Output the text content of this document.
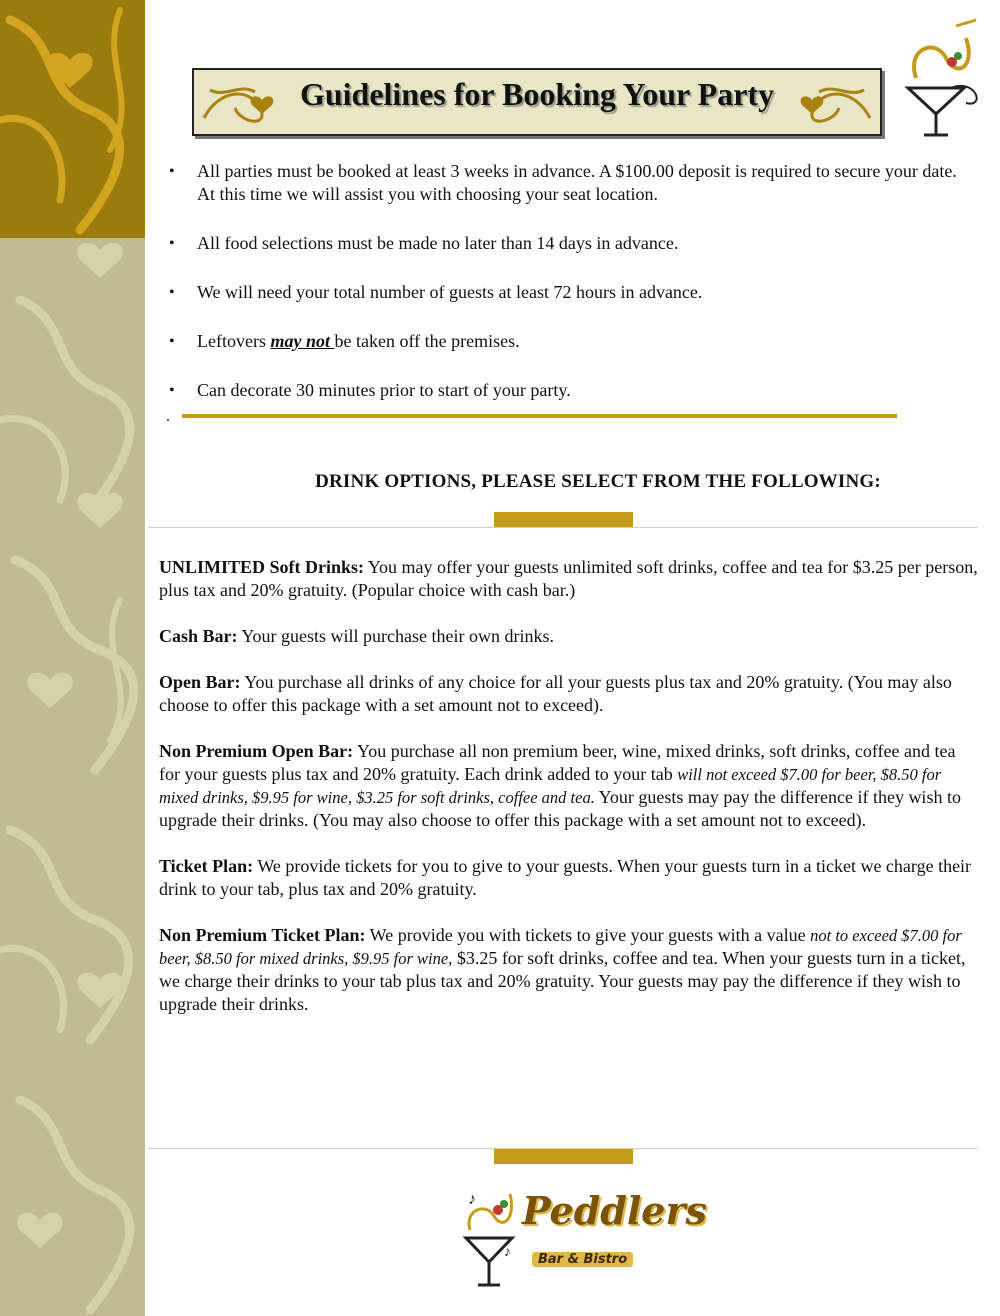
Guidelines for Booking Your Party
• All parties must be booked at least 3 weeks in advance. A $100.00 deposit is required to secure your date. At this time we will assist you with choosing your seat location.
• All food selections must be made no later than 14 days in advance.
• We will need your total number of guests at least 72 hours in advance.
• Leftovers may not be taken off the premises.
• Can decorate 30 minutes prior to start of your party.
.
DRINK OPTIONS, PLEASE SELECT FROM THE FOLLOWING:

UNLIMITED Soft Drinks: You may offer your guests unlimited soft drinks, coffee and tea for $3.25 per person, plus tax and 20% gratuity. (Popular choice with cash bar.)

Cash Bar: Your guests will purchase their own drinks.

Open Bar: You purchase all drinks of any choice for all your guests plus tax and 20% gratuity. (You may also choose to offer this package with a set amount not to exceed).

Non Premium Open Bar: You purchase all non premium beer, wine, mixed drinks, soft drinks, coffee and tea for your guests plus tax and 20% gratuity. Each drink added to your tab will not exceed $7.00 for beer, $8.50 for mixed drinks, $9.95 for wine, $3.25 for soft drinks, coffee and tea. Your guests may pay the difference if they wish to upgrade their drinks. (You may also choose to offer this package with a set amount not to exceed).

Ticket Plan: We provide tickets for you to give to your guests. When your guests turn in a ticket we charge their drink to your tab, plus tax and 20% gratuity.

Non Premium Ticket Plan: We provide you with tickets to give your guests with a value not to exceed $7.00 for beer, $8.50 for mixed drinks, $9.95 for wine, $3.25 for soft drinks, coffee and tea. When your guests turn in a ticket, we charge their drinks to your tab plus tax and 20% gratuity. Your guests may pay the difference if they wish to upgrade their drinks.

♪
♪
Peddlers
Bar & Bistro
